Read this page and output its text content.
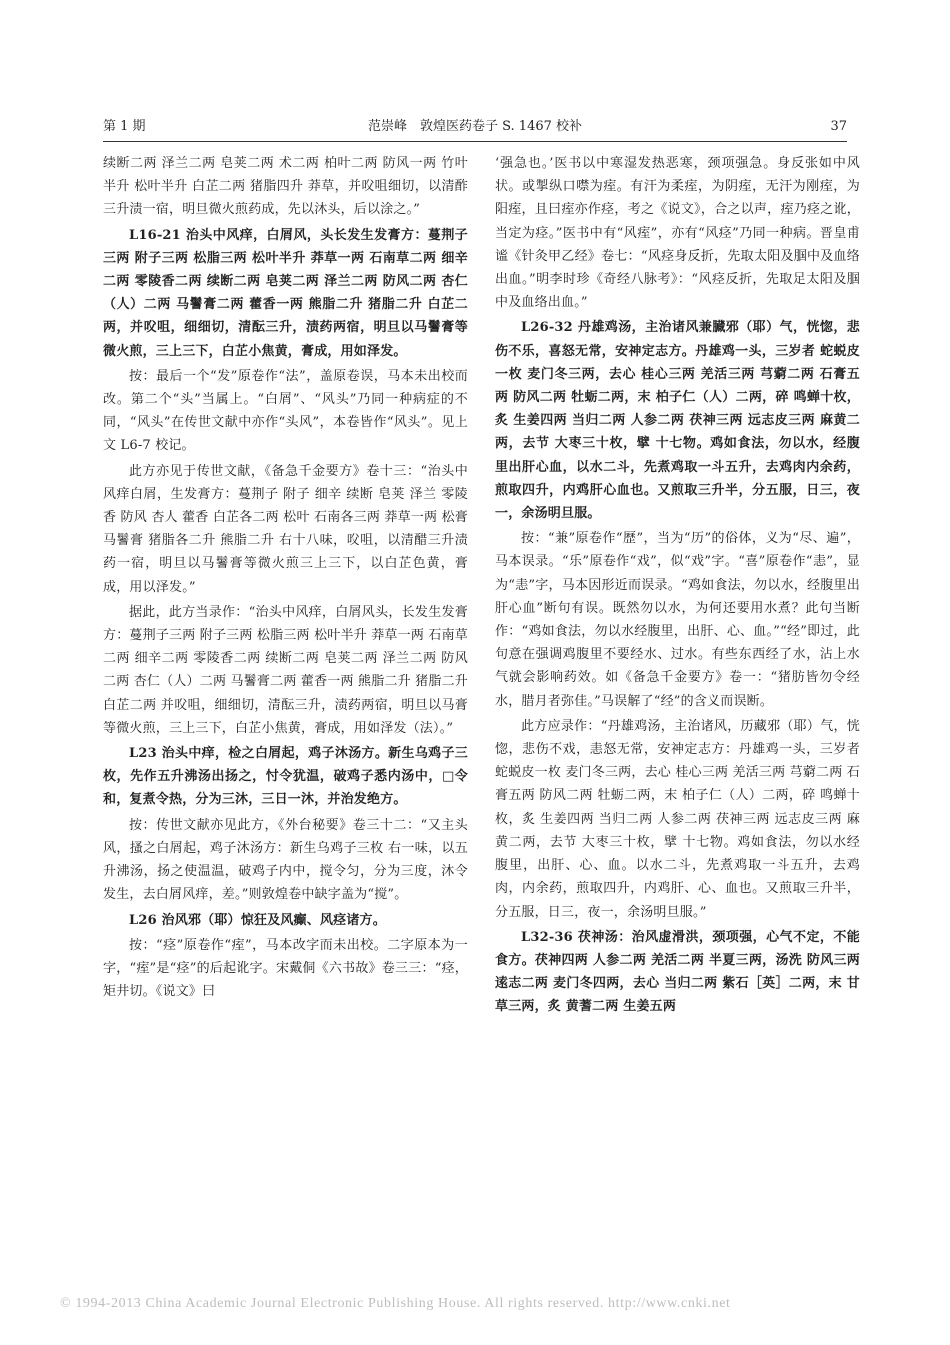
第 1 期	范崇峰　敦煌医药卷子 S. 1467 校补	37

续断二两 泽兰二两 皂荚二两 术二两 柏叶二两 防风一两 竹叶半升 松叶半升 白芷二两 猪脂四升 莽草，并㕮咀细切，以清酢三升渍一宿，明旦微火煎药成，先以沐头，后以涂之。”

L16-21 治头中风痒，白屑风，头长发生发膏方：蔓荆子三两 附子三两 松脂三两 松叶半升 莽草一两 石南草二两 细辛二两 零陵香二两 续断二两 皂荚二两 泽兰二两 防风二两 杏仁（人）二两 马鬐膏二两 藿香一两 熊脂二升 猪脂二升 白芷二两，并㕮咀，细细切，清酝三升，渍药两宿，明旦以马鬐膏等微火煎，三上三下，白芷小焦黄，膏成，用如泽发。

按：最后一个“发”原卷作“法”，盖原卷误，马本未出校而改。第二个“头”当属上。“白屑”、“风头”乃同一种病症的不同，“风头”在传世文献中亦作“头风”，本卷皆作“风头”。见上文 L6-7 校记。

此方亦见于传世文献，《备急千金要方》卷十三：“治头中风痒白屑，生发膏方：蔓荆子 附子 细辛 续断 皂荚 泽兰 零陵香 防风 杏人 藿香 白芷各二两 松叶 石南各三两 莽草一两 松膏 马鬐膏 猪脂各二升 熊脂二升 右十八味，㕮咀，以清醋三升渍药一宿，明旦以马鬐膏等微火煎三上三下，以白芷色黄，膏成，用以泽发。”

据此，此方当录作：“治头中风痒，白屑风头，长发生发膏方：蔓荆子三两 附子三两 松脂三两 松叶半升 莽草一两 石南草二两 细辛二两 零陵香二两 续断二两 皂荚二两 泽兰二两 防风二两 杏仁（人）二两 马鬐膏二两 藿香一两 熊脂二升 猪脂二升 白芷二两 并㕮咀，细细切，清酝三升，渍药两宿，明旦以马膏等微火煎，三上三下，白芷小焦黄，膏成，用如泽发（法）。”

L23 治头中痒，检之白屑起，鸡子沐汤方。新生乌鸡子三枚，先作五升沸汤出扬之，忖令犹温，破鸡子悉内汤中，□令和，复煮令热，分为三沐，三日一沐，并治发绝方。

按：传世文献亦见此方，《外台秘要》卷三十二：“又主头风，搔之白屑起，鸡子沐汤方：新生乌鸡子三枚 右一味，以五升沸汤，扬之使温温，破鸡子内中，搅令匀，分为三度，沐令发生，去白屑风痒，差。”则敦煌卷中缺字盖为“搅”。

L26 治风邪（耶）惊狂及风癫、风痉诸方。

按：“痉”原卷作“痓”，马本改字而未出校。二字原本为一字，“痓”是“痉”的后起讹字。宋戴侗《六书故》卷三三：“痉，矩井切。《说文》曰

‘强急也。’医书以中寒湿发热恶寒，颈项强急。身反张如中风状。或掣纵口噤为痓。有汗为柔痓，为阴痓，无汗为刚痓，为阳痓，且曰痓亦作痉，考之《说文》，合之以声，痓乃痉之讹，当定为痉。”医书中有“风痓”，亦有“风痉”乃同一种病。晋皇甫谧《针灸甲乙经》卷七：“风痉身反折，先取太阳及腘中及血络出血。”明李时珍《奇经八脉考》：“风痉反折，先取足太阳及腘中及血络出血。”

L26-32 丹雄鸡汤，主治诸风兼臓邪（耶）气，恍惚，悲伤不乐，喜怒无常，安神定志方。丹雄鸡一头，三岁者 蛇蜕皮一枚 麦门冬三两，去心 桂心三两 羌活三两 芎藭二两 石膏五两 防风二两 牡蛎二两，末 柏子仁（人）二两，碎 鸣蝉十枚，炙 生姜四两 当归二两 人参二两 茯神三两 远志皮三两 麻黄二两，去节 大枣三十枚，擘 十七物。鸡如食法，勿以水，经腹里出肝心血，以水二斗，先煮鸡取一斗五升，去鸡肉内余药，煎取四升，内鸡肝心血也。又煎取三升半，分五服，日三，夜一，余汤明旦服。

按：“兼”原卷作“歷”，当为“历”的俗体，义为“尽、遍”，马本误录。“乐”原卷作“戏”，似“戏”字。“喜”原卷作“恚”，显为“恚”字，马本因形近而误录。“鸡如食法，勿以水，经腹里出肝心血”断句有误。既然勿以水，为何还要用水煮？此句当断作：“鸡如食法，勿以水经腹里，出肝、心、血。”“经”即过，此句意在强调鸡腹里不要经水、过水。有些东西经了水，沾上水气就会影响药效。如《备急千金要方》卷一：“猪肪皆勿令经水，腊月者弥佳。”马误解了“经”的含义而误断。

此方应录作：“丹雄鸡汤，主治诸风，历藏邪（耶）气，恍惚，悲伤不戏，恚怒无常，安神定志方：丹雄鸡一头，三岁者 蛇蜕皮一枚 麦门冬三两，去心 桂心三两 羌活三两 芎藭二两 石膏五两 防风二两 牡蛎二两，末 柏子仁（人）二两，碎 鸣蝉十枚，炙 生姜四两 当归二两 人参二两 茯神三两 远志皮三两 麻黄二两，去节 大枣三十枚，擘 十七物。鸡如食法，勿以水经腹里，出肝、心、血。以水二斗，先煮鸡取一斗五升，去鸡肉，内余药，煎取四升，内鸡肝、心、血也。又煎取三升半，分五服，日三，夜一，余汤明旦服。”

L32-36 茯神汤：治风虚滑洪，颈项强，心气不定，不能食方。茯神四两 人参二两 羌活二两 半夏三两，汤洗 防风三两 逺志二两 麦门冬四两，去心 当归二两 紫石［英］二两，末 甘草三两，炙 黄蓍二两 生姜五两

© 1994-2013 China Academic Journal Electronic Publishing House. All rights reserved. http://www.cnki.net
